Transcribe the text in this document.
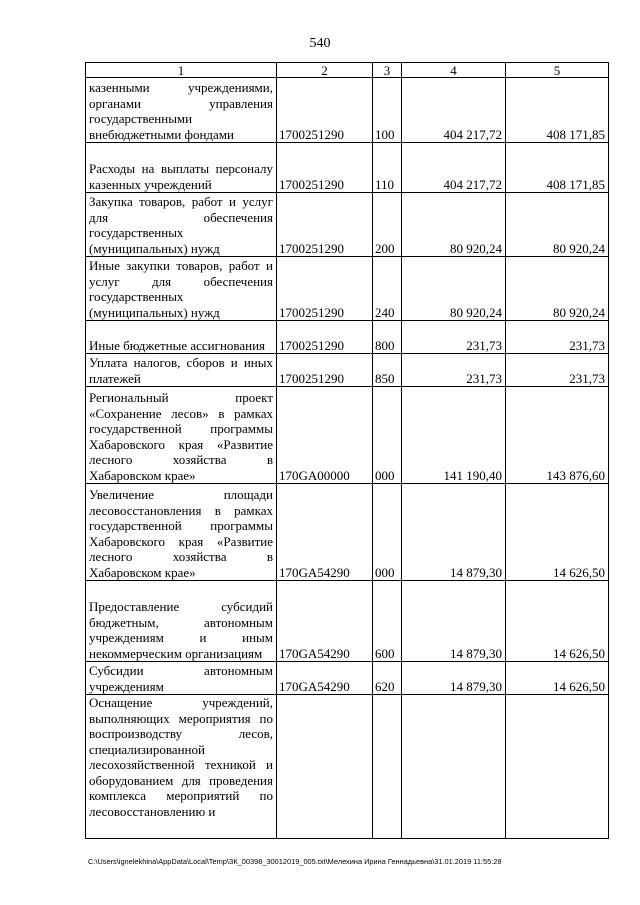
540
1	2	3	4	5
казенными учреждениями, органами управления государственными внебюджетными фондами	1700251290	100	404 217,72	408 171,85
Расходы на выплаты персоналу казенных учреждений	1700251290	110	404 217,72	408 171,85
Закупка товаров, работ и услуг для обеспечения государственных (муниципальных) нужд	1700251290	200	80 920,24	80 920,24
Иные закупки товаров, работ и услуг для обеспечения государственных (муниципальных) нужд	1700251290	240	80 920,24	80 920,24
Иные бюджетные ассигнования	1700251290	800	231,73	231,73
Уплата налогов, сборов и иных платежей	1700251290	850	231,73	231,73
Региональный проект «Сохранение лесов» в рамках государственной программы Хабаровского края «Развитие лесного хозяйства в Хабаровском крае»	170GA00000	000	141 190,40	143 876,60
Увеличение площади лесовосстановления в рамках государственной программы Хабаровского края «Развитие лесного хозяйства в Хабаровском крае»	170GA54290	000	14 879,30	14 626,50
Предоставление субсидий бюджетным, автономным учреждениям и иным некоммерческим организациям	170GA54290	600	14 879,30	14 626,50
Субсидии автономным учреждениям	170GA54290	620	14 879,30	14 626,50
Оснащение учреждений, выполняющих мероприятия по воспроизводству лесов, специализированной лесохозяйственной техникой и оборудованием для проведения комплекса мероприятий по лесовосстановлению и				
C:\Users\ignelekhina\AppData\Local\Temp\ЗК_00398_30012019_005.txt\Мелехина Ирина Геннадьевна\31.01.2019 11:55:28
